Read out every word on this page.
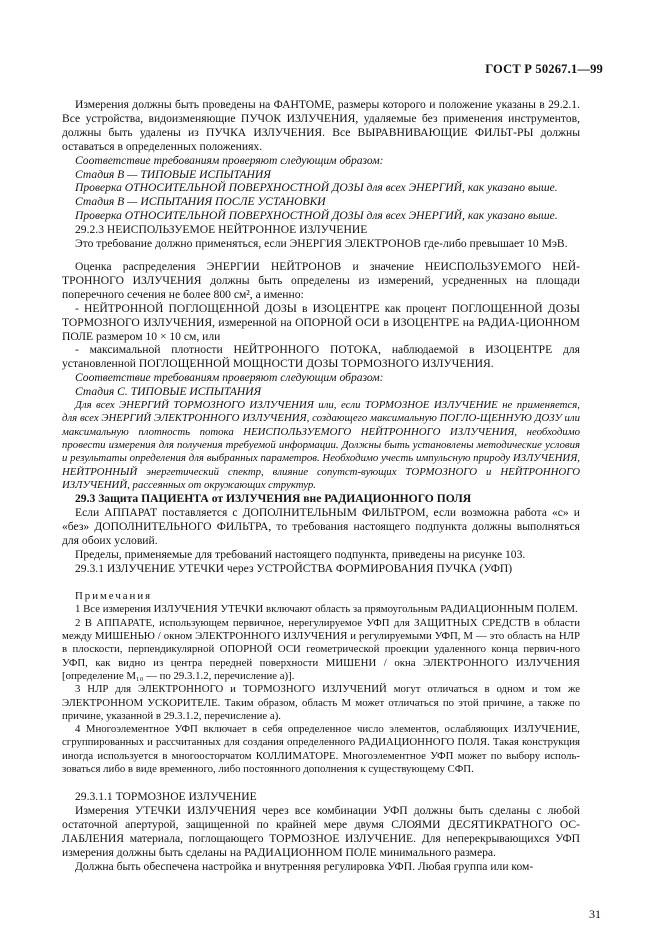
ГОСТ Р 50267.1—99

Измерения должны быть проведены на ФАНТОМЕ, размеры которого и положение указаны в 29.2.1. Все устройства, видоизменяющие ПУЧОК ИЗЛУЧЕНИЯ, удаляемые без применения инструментов, должны быть удалены из ПУЧКА ИЗЛУЧЕНИЯ. Все ВЫРАВНИВАЮЩИЕ ФИЛЬТ-РЫ должны оставаться в определенных положениях.

Соответствие требованиям проверяют следующим образом:

Стадия В — ТИПОВЫЕ ИСПЫТАНИЯ

Проверка ОТНОСИТЕЛЬНОЙ ПОВЕРХНОСТНОЙ ДОЗЫ для всех ЭНЕРГИЙ, как указано выше.

Стадия В — ИСПЫТАНИЯ ПОСЛЕ УСТАНОВКИ

Проверка ОТНОСИТЕЛЬНОЙ ПОВЕРХНОСТНОЙ ДОЗЫ для всех ЭНЕРГИЙ, как указано выше.

29.2.3 НЕИСПОЛЬЗУЕМОЕ НЕЙТРОННОЕ ИЗЛУЧЕНИЕ

Это требование должно применяться, если ЭНЕРГИЯ ЭЛЕКТРОНОВ где-либо превышает 10 МэВ.

Оценка распределения ЭНЕРГИИ НЕЙТРОНОВ и значение НЕИСПОЛЬЗУЕМОГО НЕЙ-ТРОННОГО ИЗЛУЧЕНИЯ должны быть определены из измерений, усредненных на площади поперечного сечения не более 800 см², а именно:

- НЕЙТРОННОЙ ПОГЛОЩЕННОЙ ДОЗЫ в ИЗОЦЕНТРЕ как процент ПОГЛОЩЕННОЙ ДОЗЫ ТОРМОЗНОГО ИЗЛУЧЕНИЯ, измеренной на ОПОРНОЙ ОСИ в ИЗОЦЕНТРЕ на РАДИА-ЦИОННОМ ПОЛЕ размером 10 × 10 см, или

- максимальной плотности НЕЙТРОННОГО ПОТОКА, наблюдаемой в ИЗОЦЕНТРЕ для установленной ПОГЛОЩЕННОЙ МОЩНОСТИ ДОЗЫ ТОРМОЗНОГО ИЗЛУЧЕНИЯ.

Соответствие требованиям проверяют следующим образом:

Стадия С. ТИПОВЫЕ ИСПЫТАНИЯ

Для всех ЭНЕРГИЙ ТОРМОЗНОГО ИЗЛУЧЕНИЯ или, если ТОРМОЗНОЕ ИЗЛУЧЕНИЕ не применяется, для всех ЭНЕРГИЙ ЭЛЕКТРОННОГО ИЗЛУЧЕНИЯ, создающего максимальную ПОГЛО-ЩЕННУЮ ДОЗУ или максимальную плотность потока НЕИСПОЛЬЗУЕМОГО НЕЙТРОННОГО ИЗЛУЧЕНИЯ, необходимо провести измерения для получения требуемой информации. Должны быть установлены методические условия и результаты определения для выбранных параметров. Необходимо учесть импульсную природу ИЗЛУЧЕНИЯ, НЕЙТРОННЫЙ энергетический спектр, влияние сопутст-вующих ТОРМОЗНОГО и НЕЙТРОННОГО ИЗЛУЧЕНИЙ, рассеянных от окружающих структур.

29.3 Защита ПАЦИЕНТА от ИЗЛУЧЕНИЯ вне РАДИАЦИОННОГО ПОЛЯ

Если АППАРАТ поставляется с ДОПОЛНИТЕЛЬНЫМ ФИЛЬТРОМ, если возможна работа «с» и «без» ДОПОЛНИТЕЛЬНОГО ФИЛЬТРА, то требования настоящего подпункта должны выполняться для обоих условий.

Пределы, применяемые для требований настоящего подпункта, приведены на рисунке 103.

29.3.1 ИЗЛУЧЕНИЕ УТЕЧКИ через УСТРОЙСТВА ФОРМИРОВАНИЯ ПУЧКА (УФП)

Примечания

1 Все измерения ИЗЛУЧЕНИЯ УТЕЧКИ включают область за прямоугольным РАДИАЦИОННЫМ ПОЛЕМ.

2 В АППАРАТЕ, использующем первичное, нерегулируемое УФП для ЗАЩИТНЫХ СРЕДСТВ в области между МИШЕНЬЮ / окном ЭЛЕКТРОННОГО ИЗЛУЧЕНИЯ и регулируемыми УФП, M — это область на НЛР в плоскости, перпендикулярной ОПОРНОЙ ОСИ геометрической проекции удаленного конца первич-ного УФП, как видно из центра передней поверхности МИШЕНИ / окна ЭЛЕКТРОННОГО ИЗЛУЧЕНИЯ [определение M₁₀ — по 29.3.1.2, перечисление a)].

3 НЛР для ЭЛЕКТРОННОГО и ТОРМОЗНОГО ИЗЛУЧЕНИЙ могут отличаться в одном и том же ЭЛЕКТРОННОМ УСКОРИТЕЛЕ. Таким образом, область M может отличаться по этой причине, а также по причине, указанной в 29.3.1.2, перечисление a).

4 Многоэлементное УФП включает в себя определенное число элементов, ослабляющих ИЗЛУЧЕНИЕ, сгруппированных и рассчитанных для создания определенного РАДИАЦИОННОГО ПОЛЯ. Такая конструкция иногда используется в многоосторчатом КОЛЛИМАТОРЕ. Многоэлементное УФП может по выбору исполь-зоваться либо в виде временного, либо постоянного дополнения к существующему СФП.

29.3.1.1 ТОРМОЗНОЕ ИЗЛУЧЕНИЕ

Измерения УТЕЧКИ ИЗЛУЧЕНИЯ через все комбинации УФП должны быть сделаны с любой остаточной апертурой, защищенной по крайней мере двумя СЛОЯМИ ДЕСЯТИКРАТНОГО ОС-ЛАБЛЕНИЯ материала, поглощающего ТОРМОЗНОЕ ИЗЛУЧЕНИЕ. Для неперекрывающихся УФП измерения должны быть сделаны на РАДИАЦИОННОМ ПОЛЕ минимального размера.

Должна быть обеспечена настройка и внутренняя регулировка УФП. Любая группа или ком-

31
